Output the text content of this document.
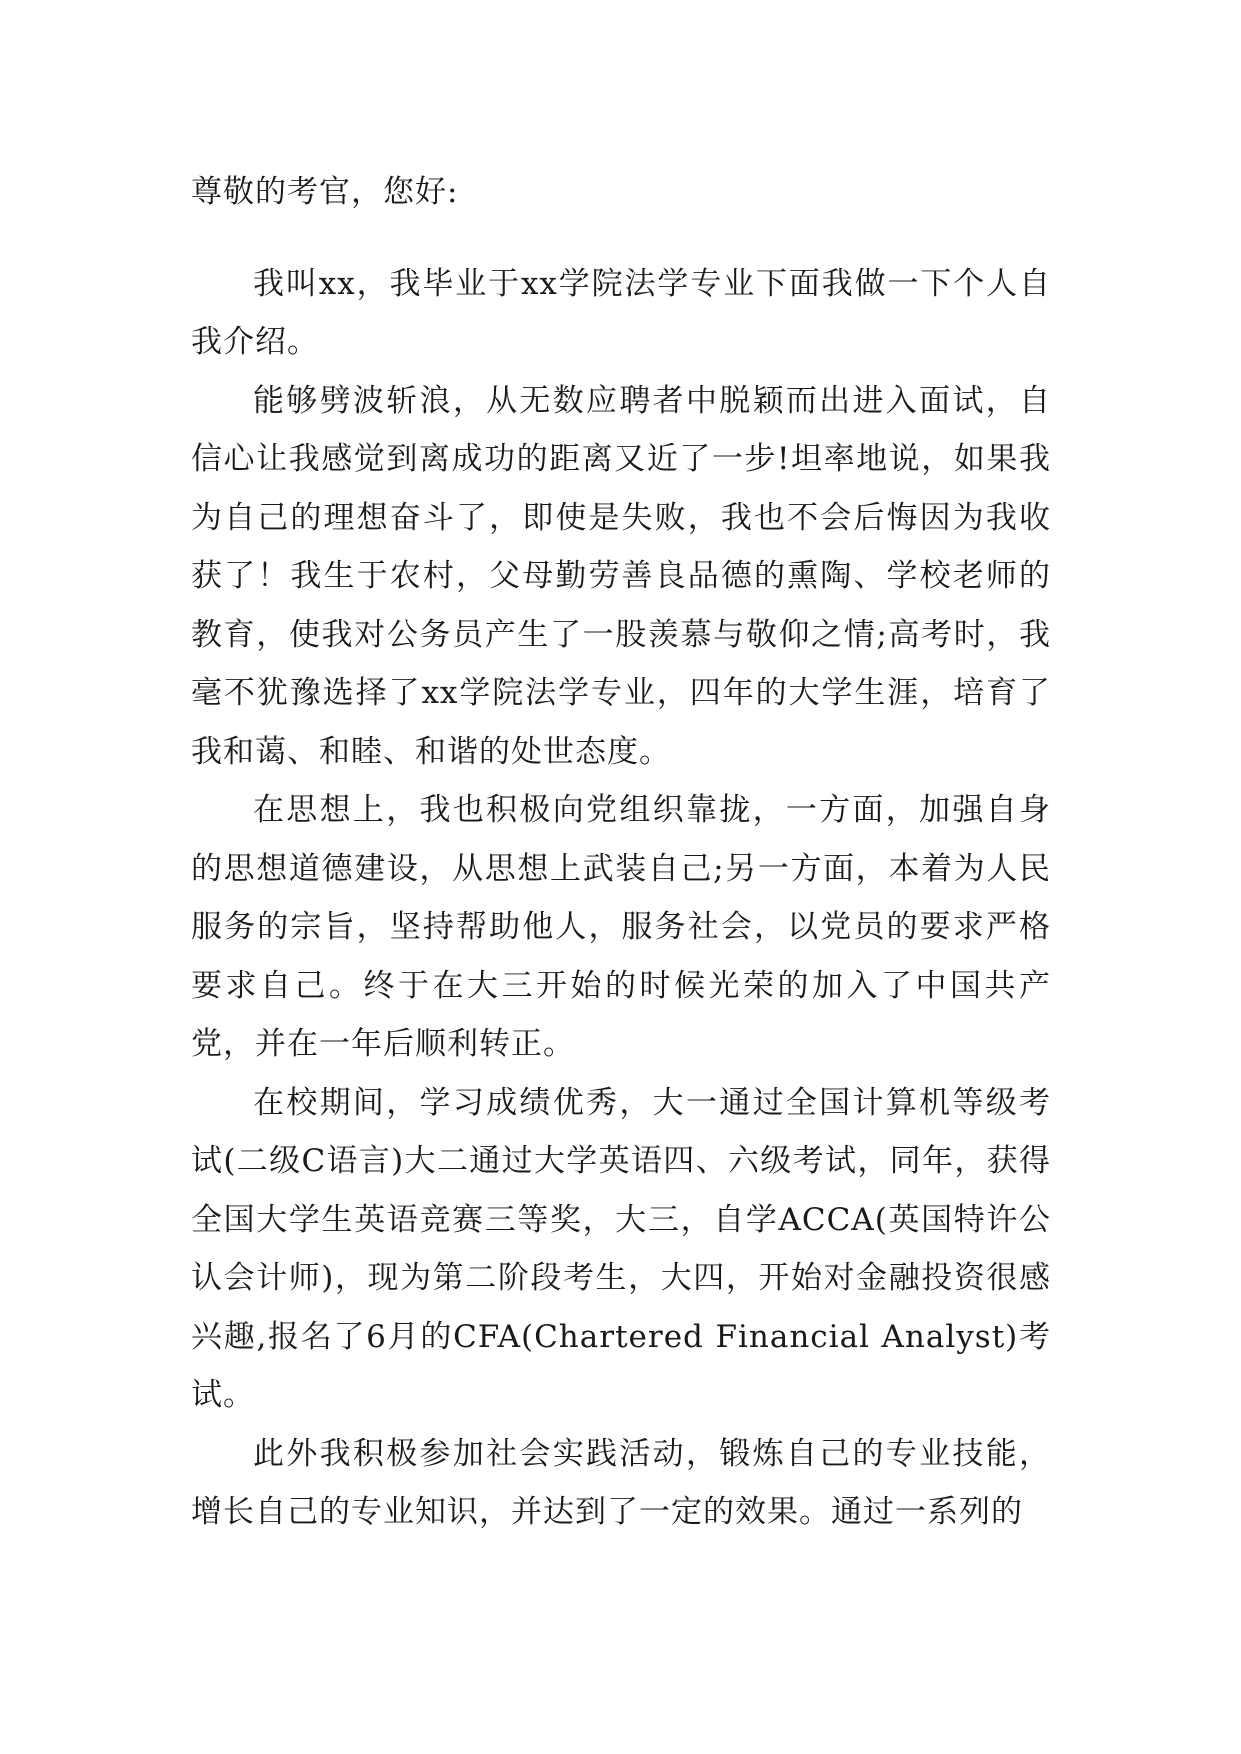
尊敬的考官，您好:

我叫xx，我毕业于xx学院法学专业下面我做一下个人自我介绍。

能够劈波斩浪，从无数应聘者中脱颖而出进入面试，自信心让我感觉到离成功的距离又近了一步!坦率地说，如果我为自己的理想奋斗了，即使是失败，我也不会后悔因为我收获了！我生于农村，父母勤劳善良品德的熏陶、学校老师的教育，使我对公务员产生了一股羡慕与敬仰之情;高考时，我毫不犹豫选择了xx学院法学专业，四年的大学生涯，培育了我和蔼、和睦、和谐的处世态度。

在思想上，我也积极向党组织靠拢，一方面，加强自身的思想道德建设，从思想上武装自己;另一方面，本着为人民服务的宗旨，坚持帮助他人，服务社会，以党员的要求严格要求自己。终于在大三开始的时候光荣的加入了中国共产党，并在一年后顺利转正。

在校期间，学习成绩优秀，大一通过全国计算机等级考试(二级C语言)大二通过大学英语四、六级考试，同年，获得全国大学生英语竞赛三等奖，大三，自学ACCA(英国特许公认会计师)，现为第二阶段考生，大四，开始对金融投资很感兴趣,报名了6月的CFA(Chartered Financial Analyst)考试。

此外我积极参加社会实践活动，锻炼自己的专业技能，增长自己的专业知识，并达到了一定的效果。通过一系列的
